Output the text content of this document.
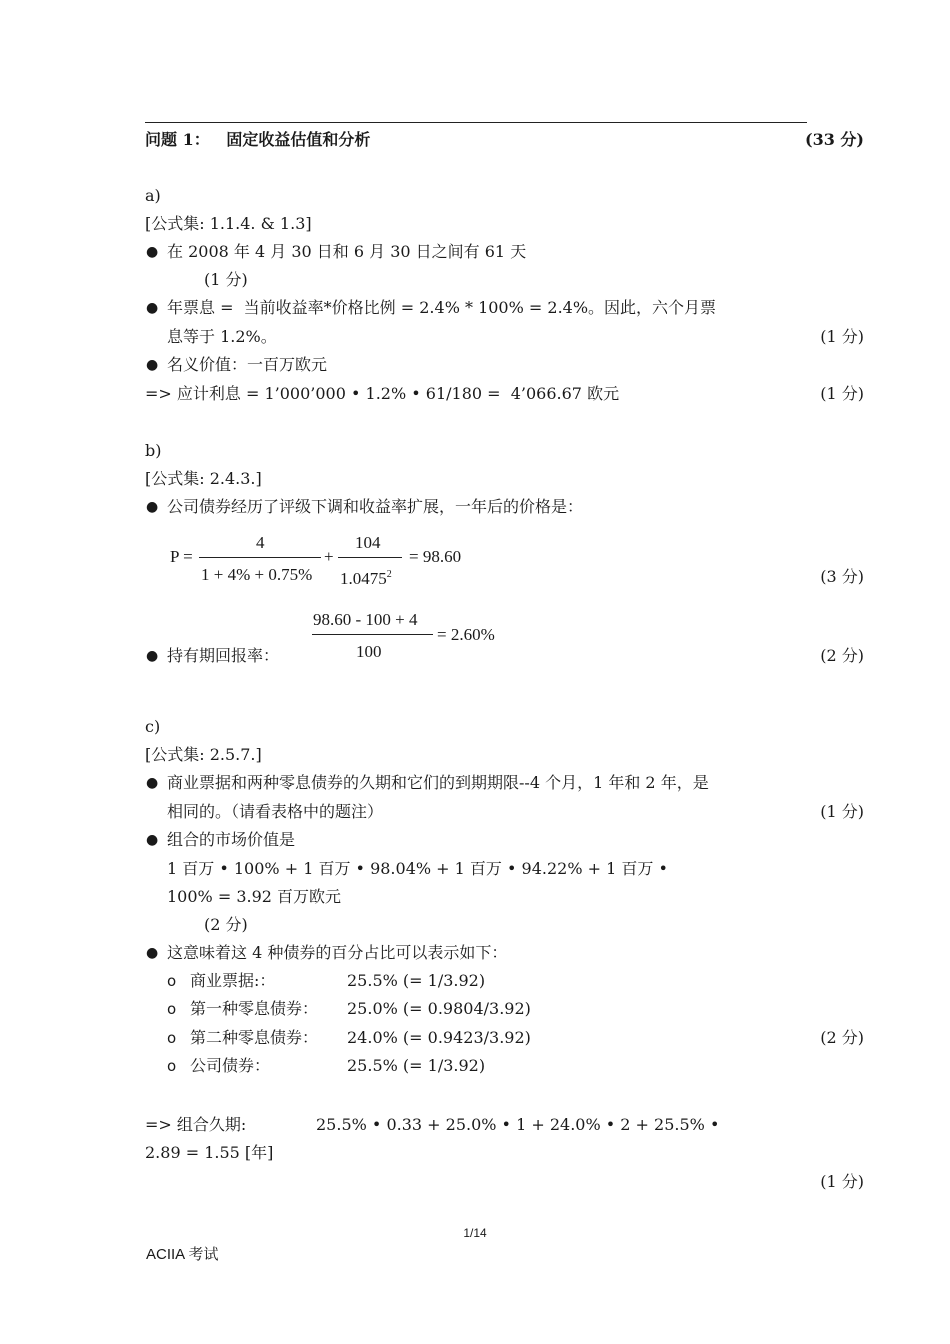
问题 1：   固定收益估值和分析	(33 分)
a)
[公式集: 1.1.4. & 1.3]
● 在 2008 年 4 月 30 日和 6 月 30 日之间有 61 天
(1 分)
● 年票息 =  当前收益率*价格比例 = 2.4% * 100% = 2.4%。因此，六个月票
息等于 1.2%。	(1 分)
● 名义价值：一百万欧元
=> 应计利息 = 1’000’000 • 1.2% • 61/180 =  4’066.67 欧元	(1 分)
b)
[公式集: 2.4.3.]
● 公司债券经历了评级下调和收益率扩展，一年后的价格是：
P =
4
1 + 4% + 0.75%
+
104
$1.0475^2$
= 98.60
(3 分)
98.60 - 100 + 4
100
= 2.60%
● 持有期回报率：	(2 分)
c)
[公式集: 2.5.7.]
● 商业票据和两种零息债券的久期和它们的到期期限--4 个月，1 年和 2 年，是
相同的。（请看表格中的题注）	(1 分)
● 组合的市场价值是
1 百万 • 100% + 1 百万 • 98.04% + 1 百万 • 94.22% + 1 百万 •
100% = 3.92 百万欧元
(2 分)
● 这意味着这 4 种债券的百分占比可以表示如下：
o 商业票据:：	25.5% (= 1/3.92)
o 第一种零息债券： 25.0% (= 0.9804/3.92)
o 第二种零息债券： 24.0% (= 0.9423/3.92)	(2 分)
o 公司债券：	25.5% (= 1/3.92)
=> 组合久期:	25.5% • 0.33 + 25.0% • 1 + 24.0% • 2 + 25.5% •
2.89 = 1.55 [年]
(1 分)
1/14
ACIIA 考试
